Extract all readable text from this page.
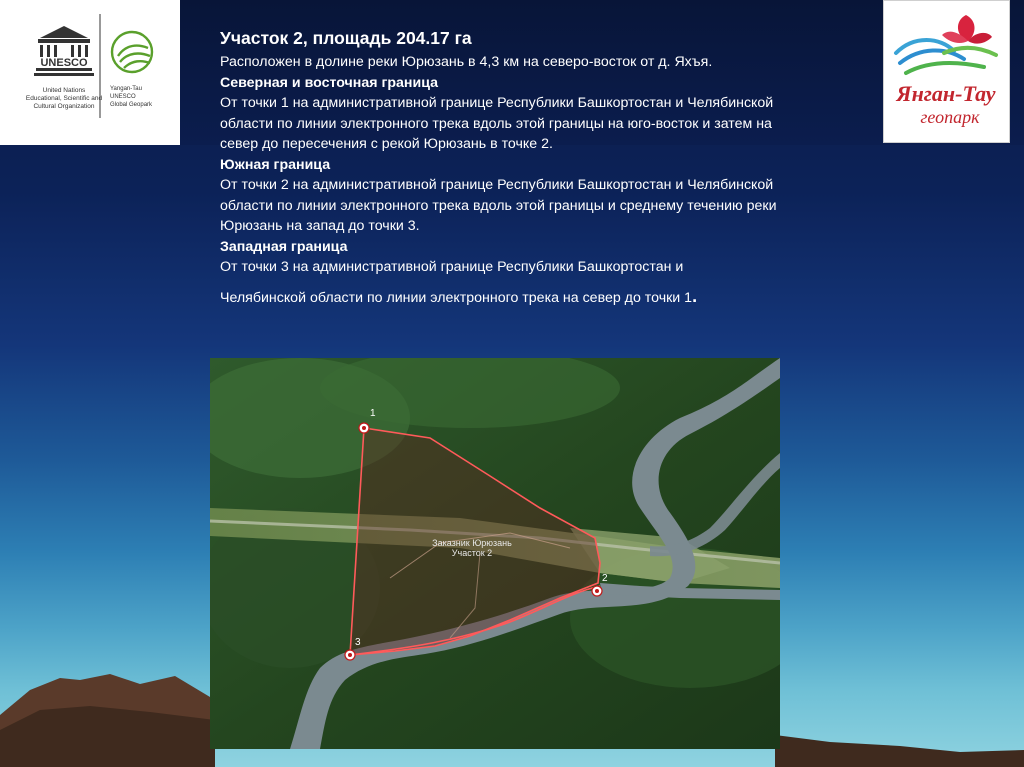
UNESCO
United Nations
Educational, Scientific and
Cultural Organization
Yangan-Tau
UNESCO
Global Geopark	Янган-Тау
геопарк
Участок 2, площадь 204.17 га
Расположен в долине реки Юрюзань в 4,3 км на северо-восток от д. Яхъя.
Северная и восточная граница
От точки 1 на административной границе Республики Башкортостан и Челябинской области по линии электронного трека вдоль этой границы на юго-восток и затем на север до пересечения с рекой Юрюзань в точке 2.
Южная граница
От точки 2 на административной границе Республики Башкортостан и Челябинской области по линии электронного трека вдоль этой границы и среднему течению реки Юрюзань на запад до точки 3.
Западная граница
От точки 3 на административной границе Республики Башкортостан и
Челябинской области по линии электронного трека на север до точки 1.
Заказник Юрюзань
Участок 2
1
2
3
